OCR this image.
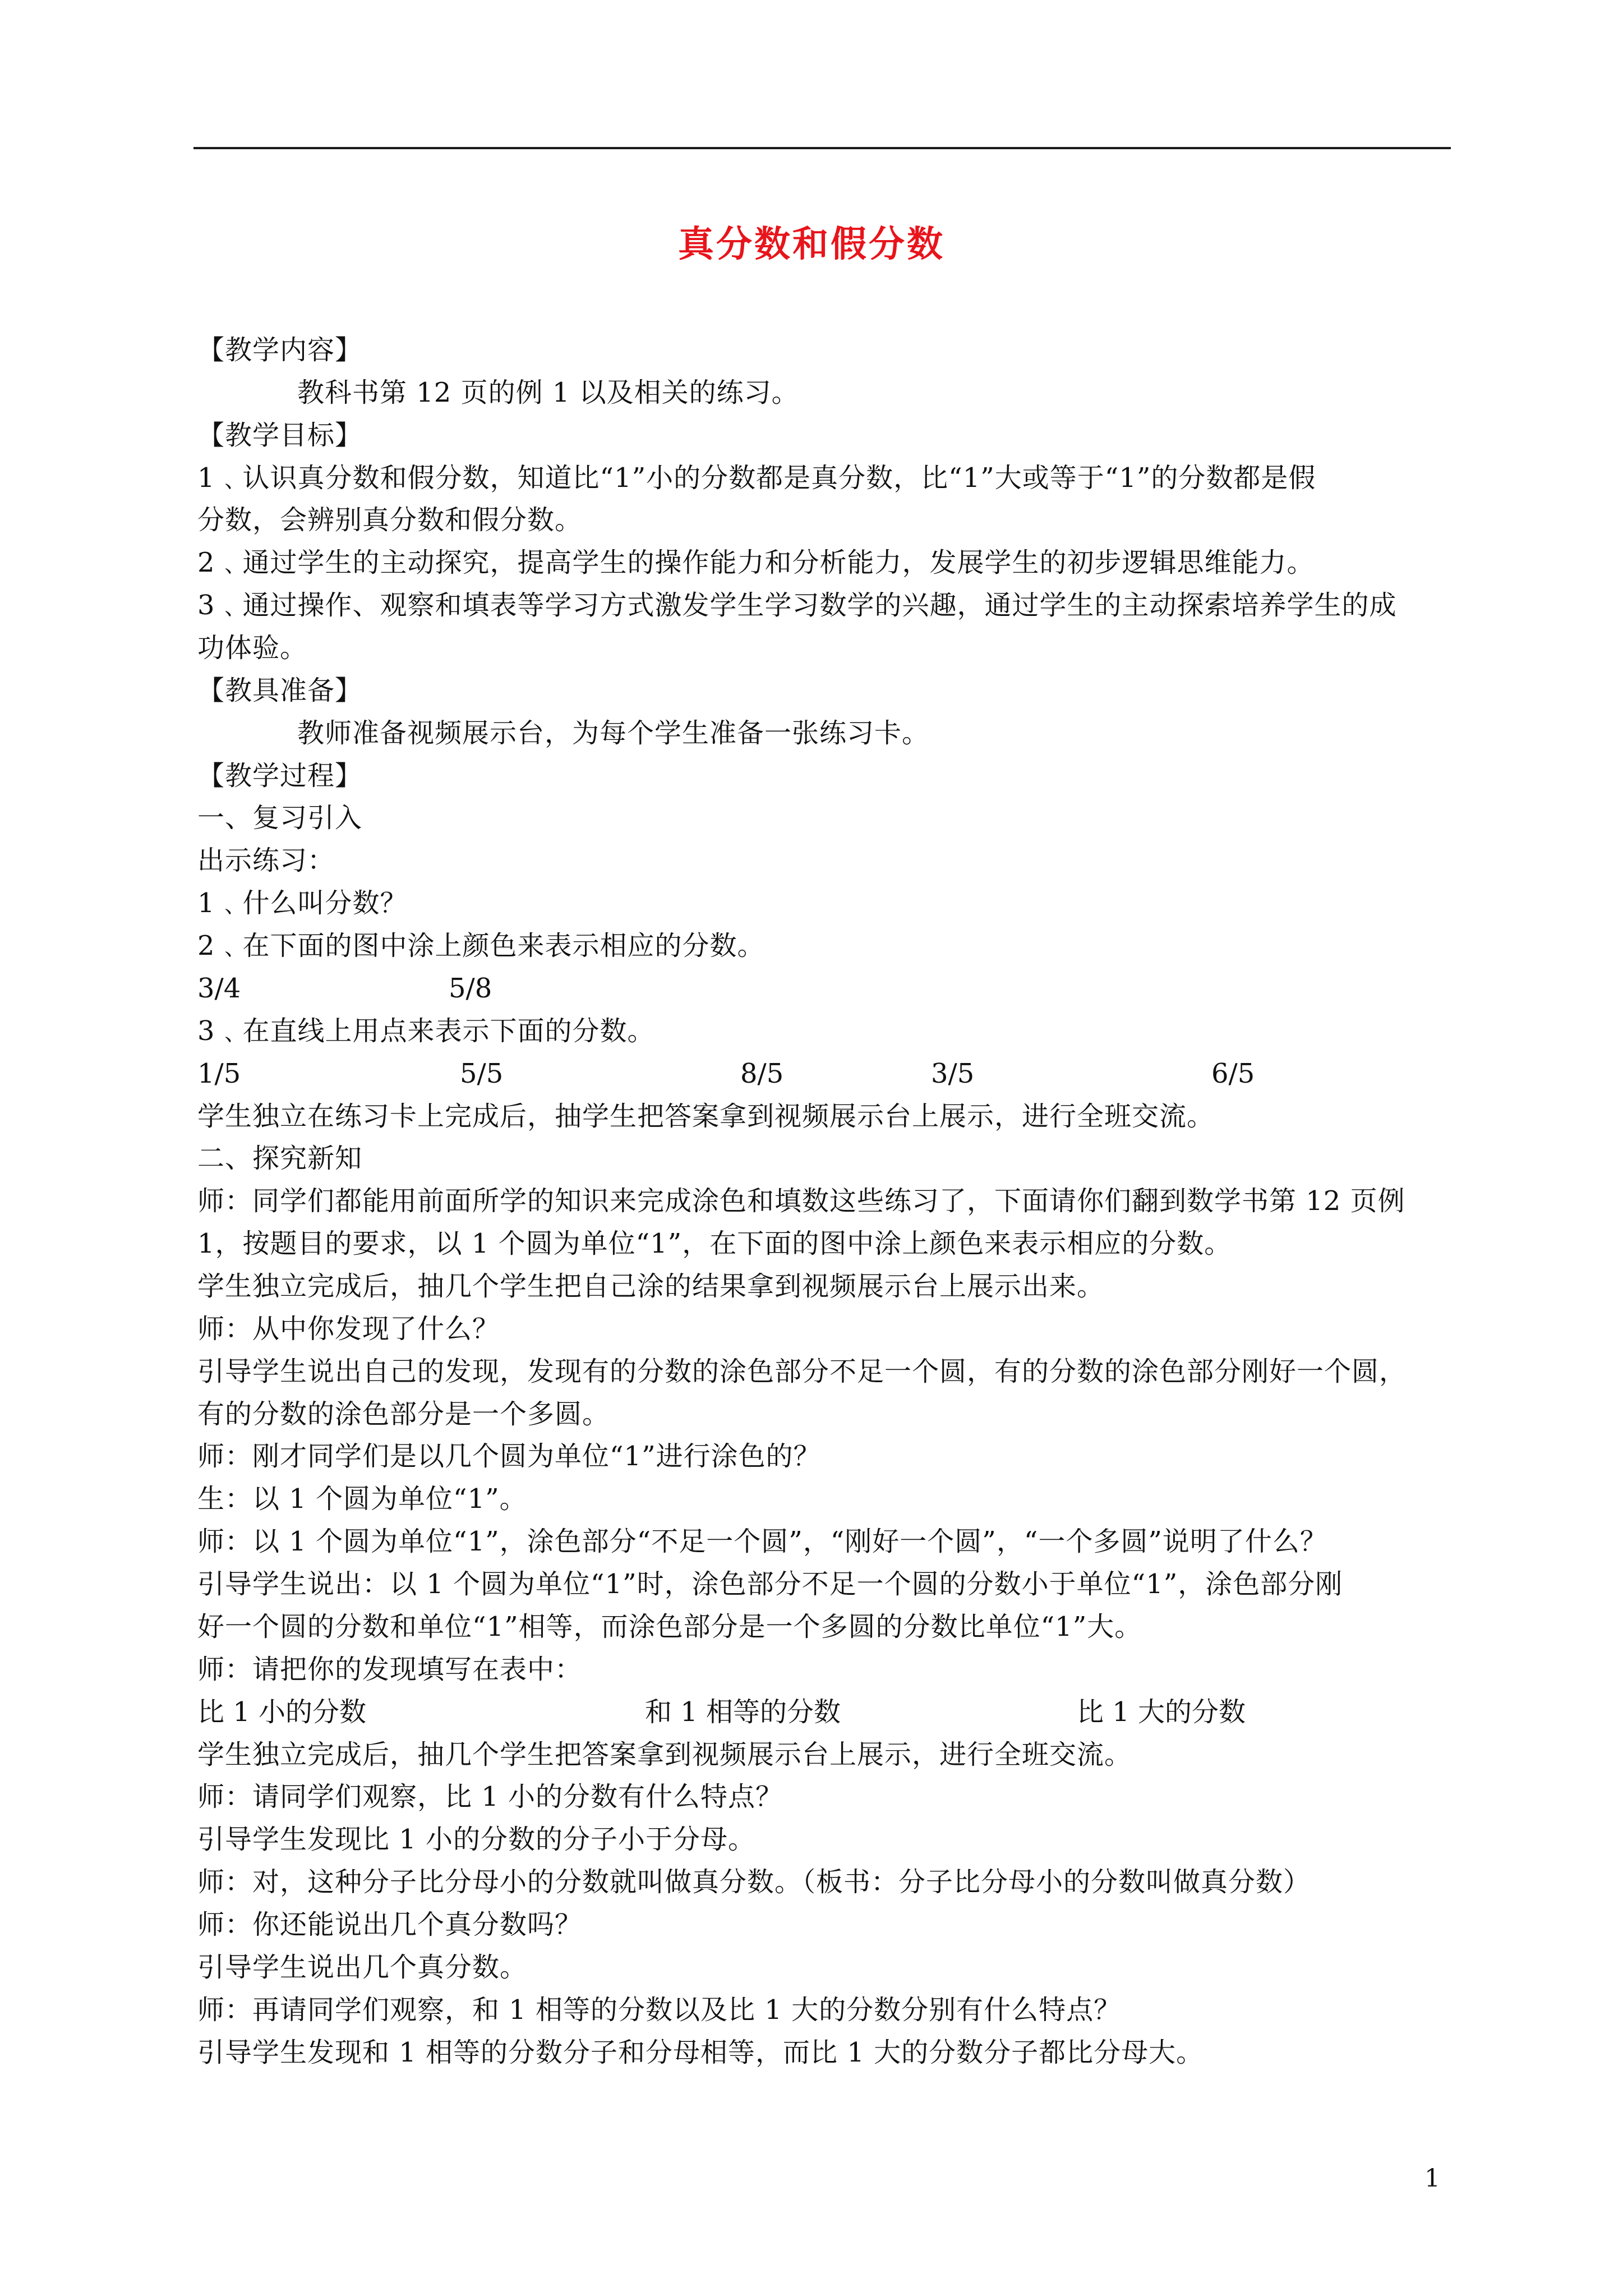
真分数和假分数
【教学内容】
教科书第 12 页的例 1 以及相关的练习。
【教学目标】
1﹑认识真分数和假分数，知道比“1”小的分数都是真分数，比“1”大或等于“1”的分数都是假
分数，会辨别真分数和假分数。
2﹑通过学生的主动探究，提高学生的操作能力和分析能力，发展学生的初步逻辑思维能力。
3﹑通过操作、观察和填表等学习方式激发学生学习数学的兴趣，通过学生的主动探索培养学生的成
功体验。
【教具准备】
教师准备视频展示台，为每个学生准备一张练习卡。
【教学过程】
一、复习引入
出示练习：
1﹑什么叫分数？
2﹑在下面的图中涂上颜色来表示相应的分数。
3/4	5/8
3﹑在直线上用点来表示下面的分数。
1/5	5/5	8/5	3/5	6/5
学生独立在练习卡上完成后，抽学生把答案拿到视频展示台上展示，进行全班交流。
二、探究新知
师：同学们都能用前面所学的知识来完成涂色和填数这些练习了，下面请你们翻到数学书第 12 页例
1，按题目的要求，以 1 个圆为单位“1”，在下面的图中涂上颜色来表示相应的分数。
学生独立完成后，抽几个学生把自己涂的结果拿到视频展示台上展示出来。
师：从中你发现了什么？
引导学生说出自己的发现，发现有的分数的涂色部分不足一个圆，有的分数的涂色部分刚好一个圆，
有的分数的涂色部分是一个多圆。
师：刚才同学们是以几个圆为单位“1”进行涂色的？
生：以 1 个圆为单位“1”。
师：以 1 个圆为单位“1”，涂色部分“不足一个圆”，“刚好一个圆”，“一个多圆”说明了什么？
引导学生说出：以 1 个圆为单位“1”时，涂色部分不足一个圆的分数小于单位“1”，涂色部分刚
好一个圆的分数和单位“1”相等，而涂色部分是一个多圆的分数比单位“1”大。
师：请把你的发现填写在表中：
比 1 小的分数	和 1 相等的分数	比 1 大的分数
学生独立完成后，抽几个学生把答案拿到视频展示台上展示，进行全班交流。
师：请同学们观察，比 1 小的分数有什么特点？
引导学生发现比 1 小的分数的分子小于分母。
师：对，这种分子比分母小的分数就叫做真分数。（板书：分子比分母小的分数叫做真分数）
师：你还能说出几个真分数吗？
引导学生说出几个真分数。
师：再请同学们观察，和 1 相等的分数以及比 1 大的分数分别有什么特点？
引导学生发现和 1 相等的分数分子和分母相等，而比 1 大的分数分子都比分母大。
1
